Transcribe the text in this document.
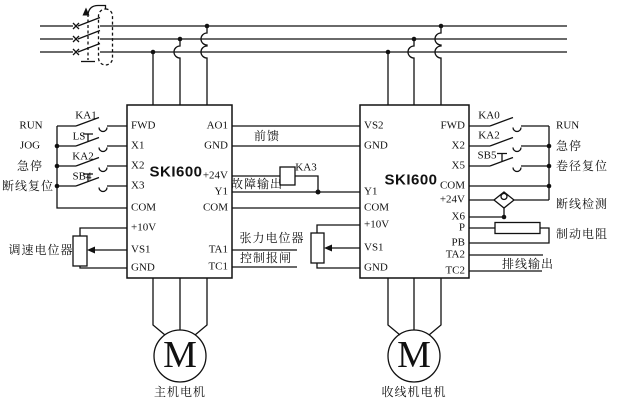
RUN
JOG
急停
断线复位
KA1
LS
KA2
SB4
FWD
X1
X2
X3
COM
+10V
VS1
GND
SKI600
AO1
GND
+24V
Y1
COM
TA1
TC1
前馈
KA3
故障输出
控制报闸
张力电位器
调速电位器
VS2
GND
Y1
COM
+10V
VS1
GND
SKI600
FWD
X2
X5
COM
+24V
X6
P
PB
TA2
TC2
KA0
KA2
SB5
RUN
急停
卷径复位
断线检测
制动电阻
排线输出
M
主机电机
M
收线机电机
